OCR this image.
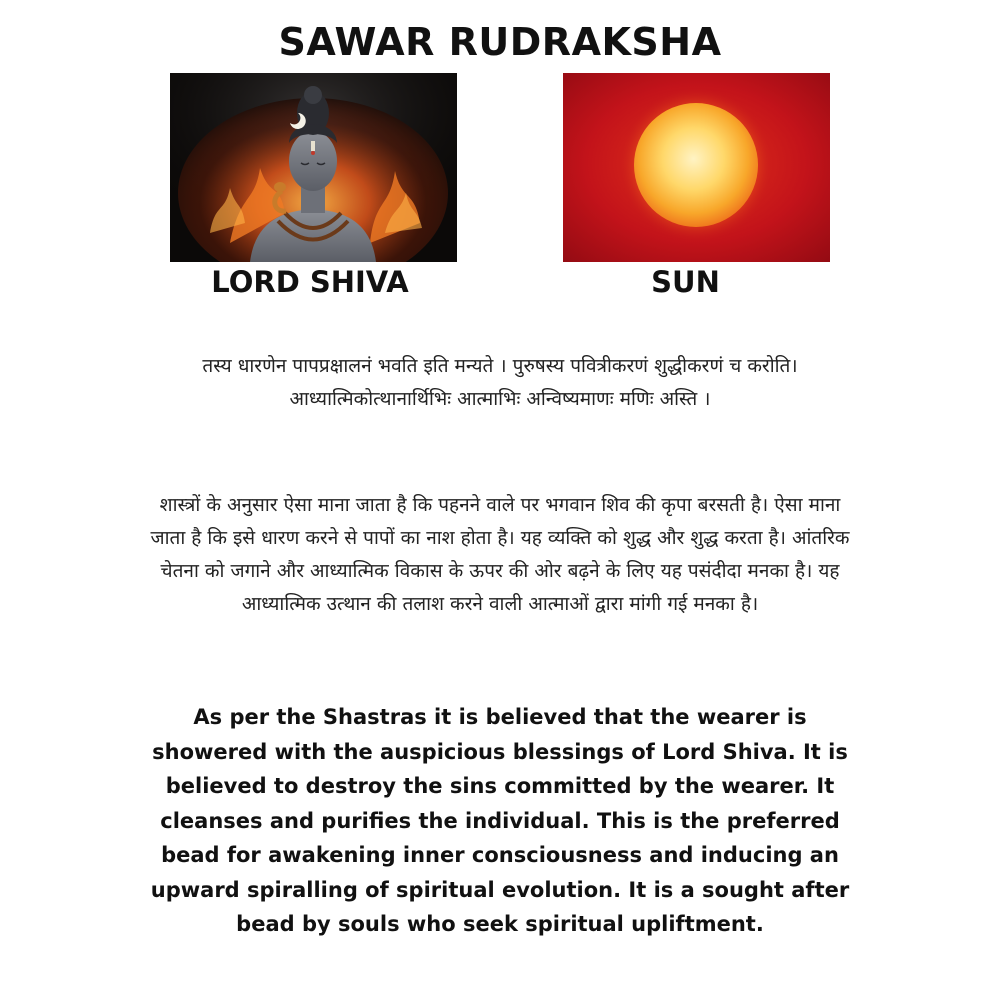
SAWAR RUDRAKSHA
LORD SHIVA	SUN

तस्य धारणेन पापप्रक्षालनं भवति इति मन्यते । पुरुषस्य पवित्रीकरणं शुद्धीकरणं च करोति।

आध्यात्मिकोत्थानार्थिभिः आत्माभिः अन्विष्यमाणः मणिः अस्ति ।

शास्त्रों के अनुसार ऐसा माना जाता है कि पहनने वाले पर भगवान शिव की कृपा बरसती है। ऐसा माना जाता है कि इसे धारण करने से पापों का नाश होता है। यह व्यक्ति को शुद्ध और शुद्ध करता है। आंतरिक चेतना को जगाने और आध्यात्मिक विकास के ऊपर की ओर बढ़ने के लिए यह पसंदीदा मनका है। यह आध्यात्मिक उत्थान की तलाश करने वाली आत्माओं द्वारा मांगी गई मनका है।
As per the Shastras it is believed that the wearer is showered with the auspicious blessings of Lord Shiva. It is believed to destroy the sins committed by the wearer. It cleanses and purifies the individual. This is the preferred bead for awakening inner consciousness and inducing an upward spiralling of spiritual evolution. It is a sought after bead by souls who seek spiritual upliftment.
